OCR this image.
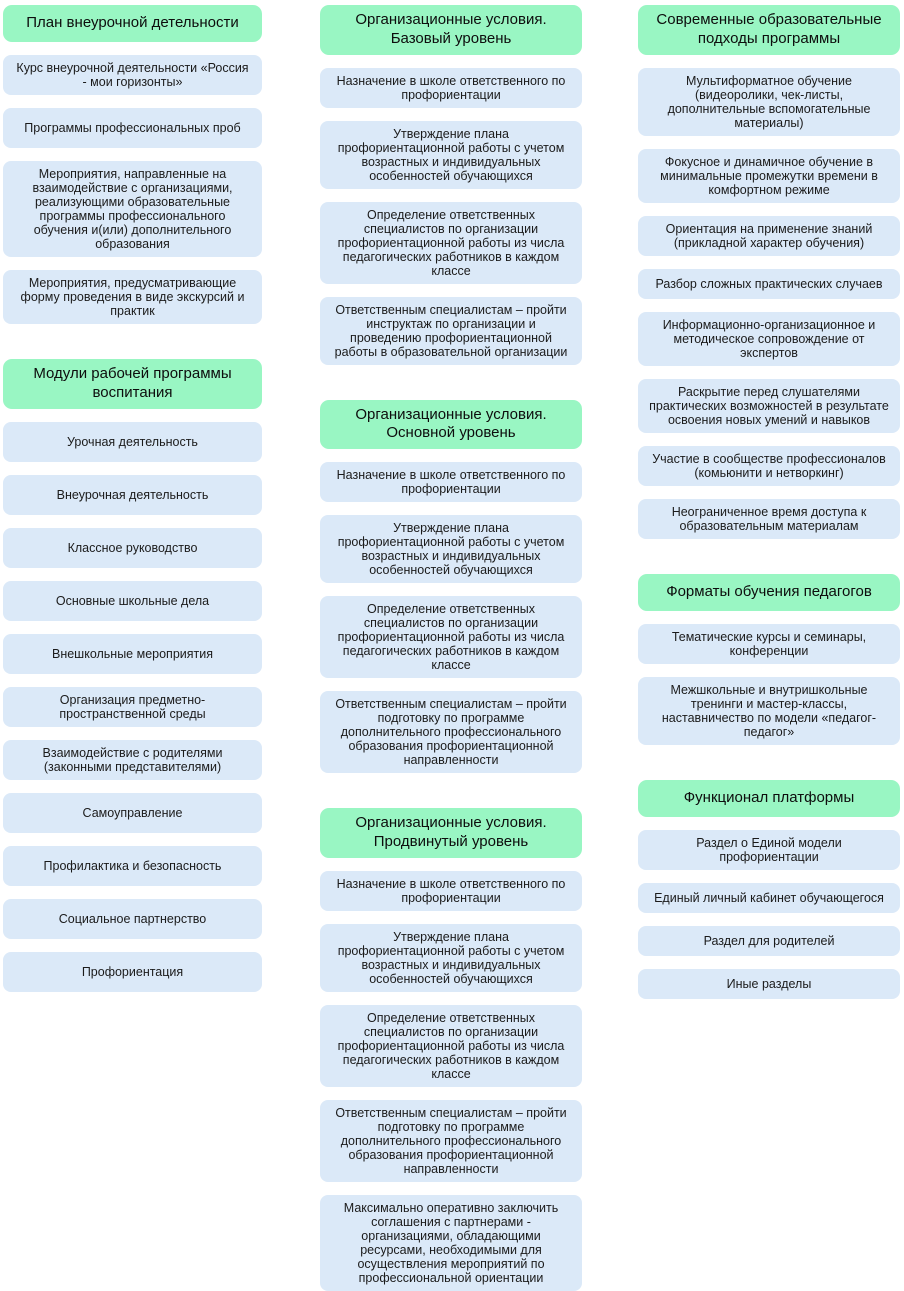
План внеурочной детельности
Курс внеурочной деятельности «Россия - мои горизонты»
Программы профессиональных проб
Мероприятия, направленные на взаимодействие с организациями, реализующими образовательные программы профессионального обучения и(или) дополнительного образования
Мероприятия, предусматривающие форму проведения в виде экскурсий и практик
Модули рабочей программы воспитания
Урочная деятельность
Внеурочная деятельность
Классное руководство
Основные школьные дела
Внешкольные мероприятия
Организация предметно-пространственной среды
Взаимодействие с родителями (законными представителями)
Самоуправление
Профилактика и безопасность
Социальное партнерство
Профориентация
Организационные условия. Базовый уровень
Назначение в школе ответственного по профориентации
Утверждение плана профориентационной работы с учетом возрастных и индивидуальных особенностей обучающихся
Определение ответственных специалистов по организации профориентационной работы из числа педагогических работников в каждом классе
Ответственным специалистам – пройти инструктаж по организации и проведению профориентационной работы в образовательной организации
Организационные условия. Основной уровень
Назначение в школе ответственного по профориентации
Утверждение плана профориентационной работы с учетом возрастных и индивидуальных особенностей обучающихся
Определение ответственных специалистов по организации профориентационной работы из числа педагогических работников в каждом классе
Ответственным специалистам – пройти подготовку по программе дополнительного профессионального образования профориентационной направленности
Организационные условия. Продвинутый уровень
Назначение в школе ответственного по профориентации
Утверждение плана профориентационной работы с учетом возрастных и индивидуальных особенностей обучающихся
Определение ответственных специалистов по организации профориентационной работы из числа педагогических работников в каждом классе
Ответственным специалистам – пройти подготовку по программе дополнительного профессионального образования профориентационной направленности
Максимально оперативно заключить соглашения с партнерами - организациями, обладающими ресурсами, необходимыми для осуществления мероприятий по профессиональной ориентации
Современные образовательные подходы программы
Мультиформатное обучение (видеоролики, чек-листы, дополнительные вспомогательные материалы)
Фокусное и динамичное обучение в минимальные промежутки времени в комфортном режиме
Ориентация на применение знаний (прикладной характер обучения)
Разбор сложных практических случаев
Информационно-организационное и методическое сопровождение от экспертов
Раскрытие перед слушателями практических возможностей в результате освоения новых умений и навыков
Участие в сообществе профессионалов (комьюнити и нетворкинг)
Неограниченное время доступа к образовательным материалам
Форматы обучения педагогов
Тематические курсы и семинары, конференции
Межшкольные и внутришкольные тренинги и мастер-классы, наставничество по модели «педагог-педагог»
Функционал платформы
Раздел о Единой модели профориентации
Единый личный кабинет обучающегося
Раздел для родителей
Иные разделы
